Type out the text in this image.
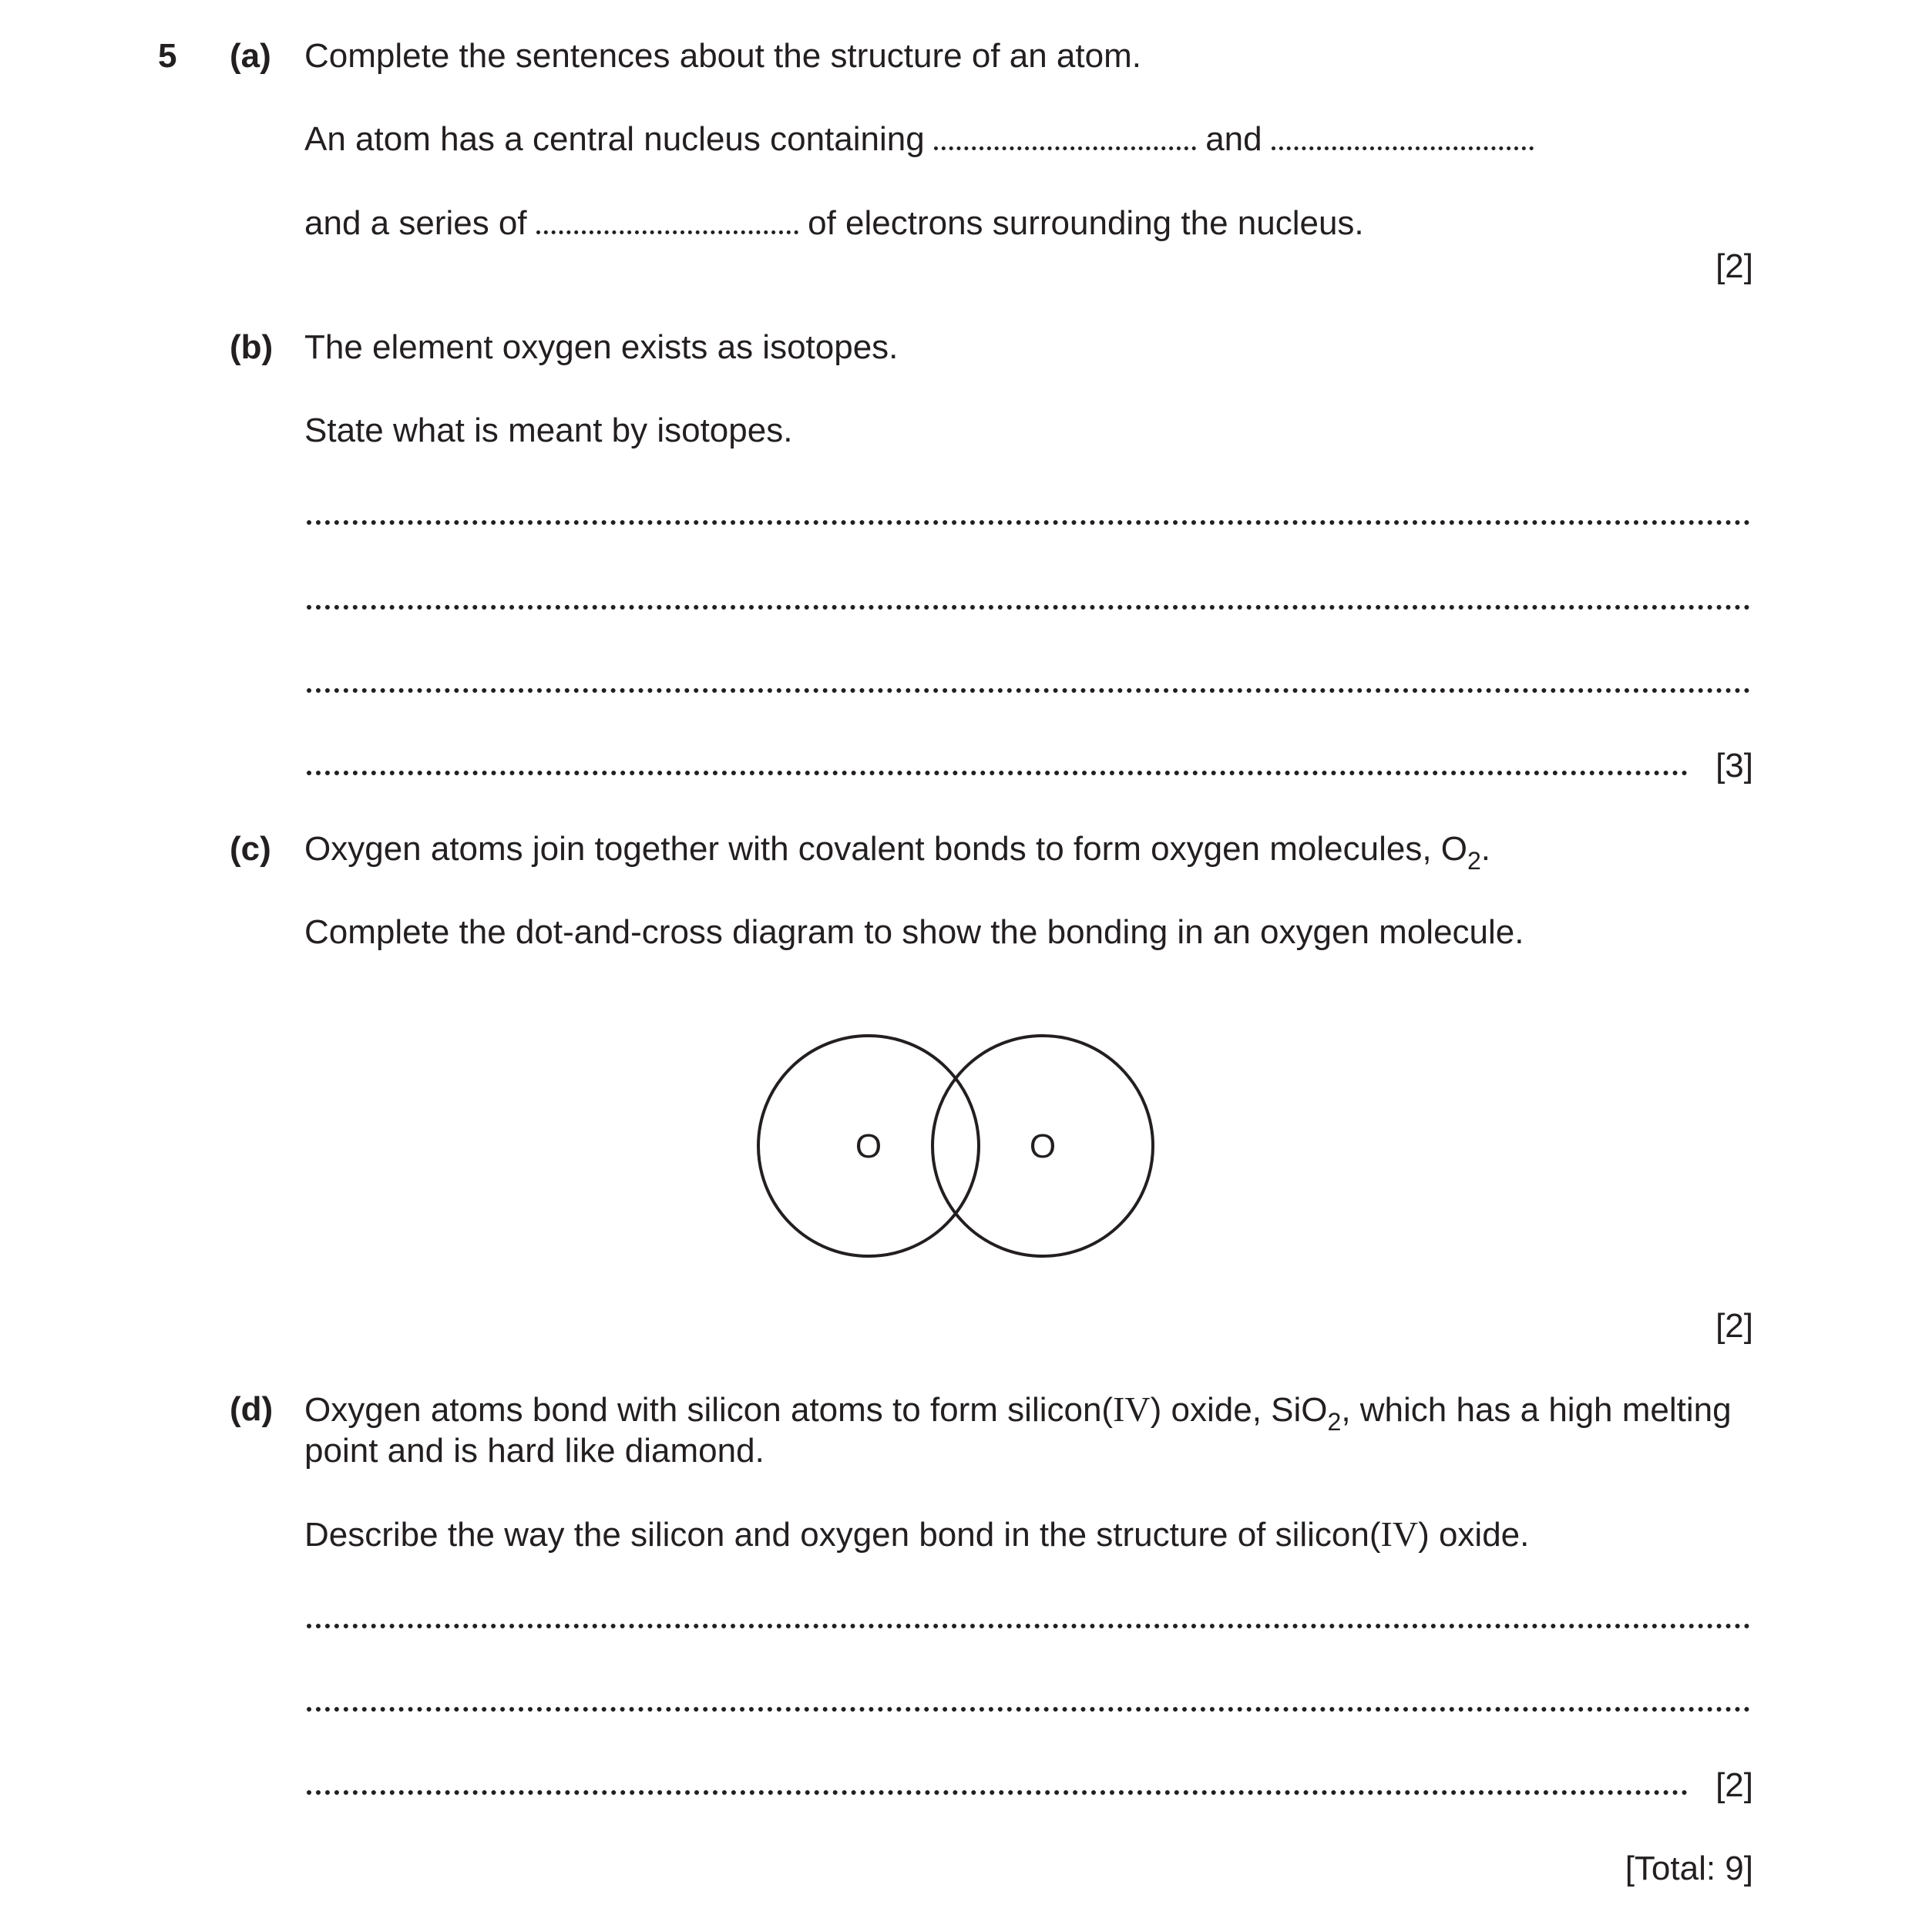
5 (a) Complete the sentences about the structure of an atom.
An atom has a central nucleus containing	and
and a series of	of electrons surrounding the nucleus.
[2]
(b) The element oxygen exists as isotopes.
State what is meant by isotopes.
[3]
(c) Oxygen atoms join together with covalent bonds to form oxygen molecules, $O_2$.
Complete the dot-and-cross diagram to show the bonding in an oxygen molecule.
O	O
[2]
(d) Oxygen atoms bond with silicon atoms to form silicon(IV) oxide, SiO$_2$, which has a high melting
point and is hard like diamond.
Describe the way the silicon and oxygen bond in the structure of silicon(IV) oxide.
[2]
[Total: 9]
